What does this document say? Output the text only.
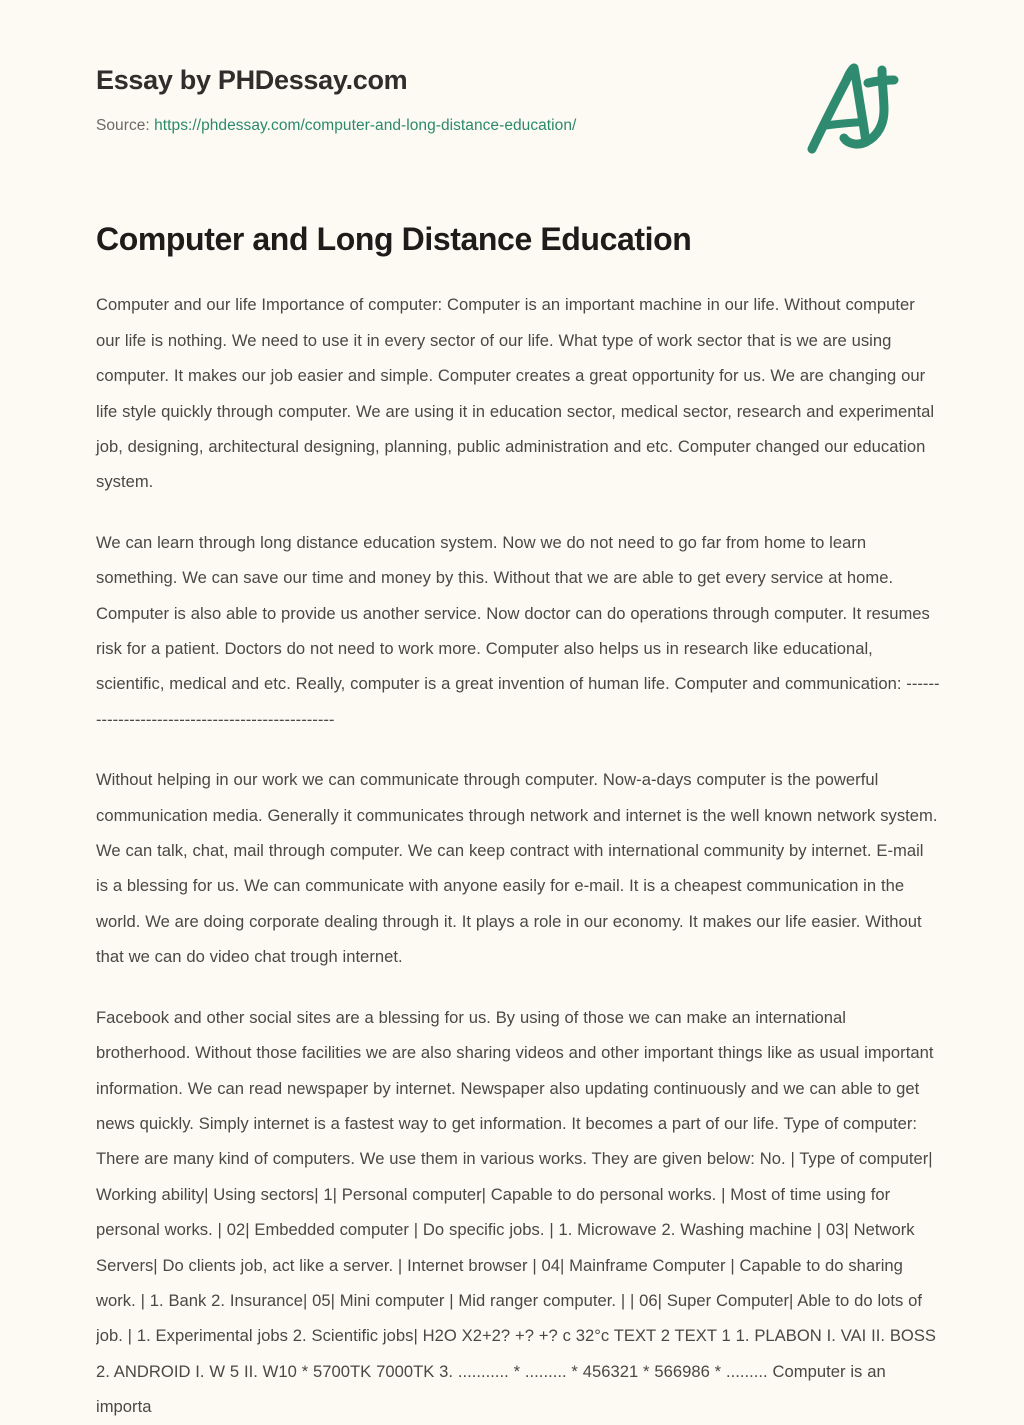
Essay by PHDessay.com
Source: https://phdessay.com/computer-and-long-distance-education/
Computer and Long Distance Education

Computer and our life Importance of computer: Computer is an important machine in our life. Without computer our life is nothing. We need to use it in every sector of our life. What type of work sector that is we are using computer. It makes our job easier and simple. Computer creates a great opportunity for us. We are changing our life style quickly through computer. We are using it in education sector, medical sector, research and experimental job, designing, architectural designing, planning, public administration and etc. Computer changed our education system.

We can learn through long distance education system. Now we do not need to go far from home to learn something. We can save our time and money by this. Without that we are able to get every service at home. Computer is also able to provide us another service. Now doctor can do operations through computer. It resumes risk for a patient. Doctors do not need to work more. Computer also helps us in research like educational, scientific, medical and etc. Really, computer is a great invention of human life. Computer and communication: -------------------------------------------------

Without helping in our work we can communicate through computer. Now-a-days computer is the powerful communication media. Generally it communicates through network and internet is the well known network system. We can talk, chat, mail through computer. We can keep contract with international community by internet. E-mail is a blessing for us. We can communicate with anyone easily for e-mail. It is a cheapest communication in the world. We are doing corporate dealing through it. It plays a role in our economy. It makes our life easier. Without that we can do video chat trough internet.

Facebook and other social sites are a blessing for us. By using of those we can make an international brotherhood. Without those facilities we are also sharing videos and other important things like as usual important information. We can read newspaper by internet. Newspaper also updating continuously and we can able to get news quickly. Simply internet is a fastest way to get information. It becomes a part of our life. Type of computer: There are many kind of computers. We use them in various works. They are given below: No. | Type of computer| Working ability| Using sectors| 1| Personal computer| Capable to do personal works. | Most of time using for personal works. | 02| Embedded computer | Do specific jobs. | 1. Microwave 2. Washing machine | 03| Network Servers| Do clients job, act like a server. | Internet browser | 04| Mainframe Computer | Capable to do sharing work. | 1. Bank 2. Insurance| 05| Mini computer | Mid ranger computer. | | 06| Super Computer| Able to do lots of job. | 1. Experimental jobs 2. Scientific jobs| H2O X2+2? +? +? c 32°c TEXT 2 TEXT 1 1. PLABON I. VAI II. BOSS 2. ANDROID I. W 5 II. W10 * 5700TK 7000TK 3. ........... * ......... * 456321 * 566986 * ......... Computer is an importa
